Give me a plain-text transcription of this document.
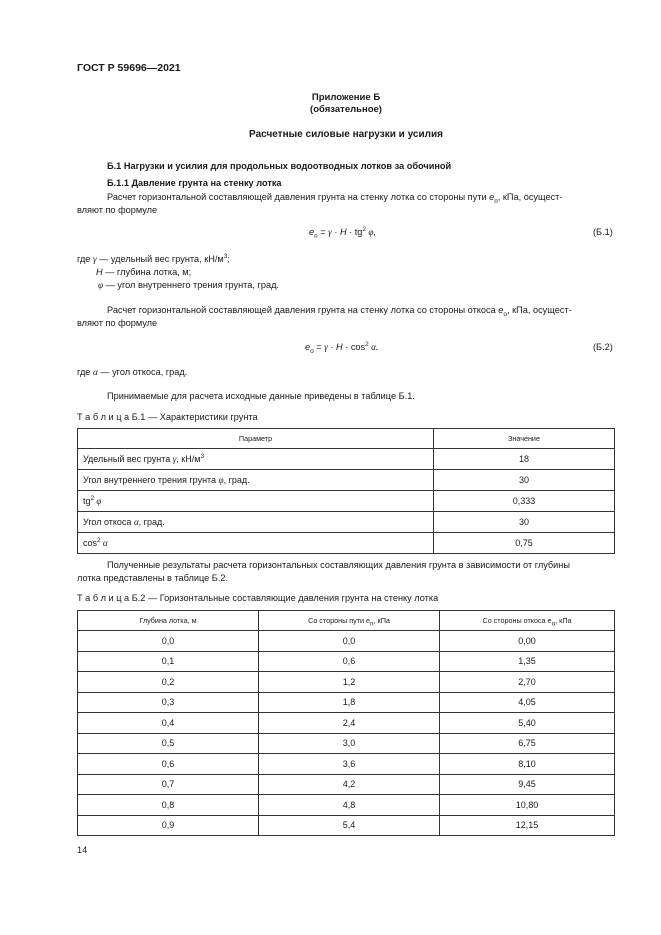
ГОСТ Р 59696—2021
Приложение Б
(обязательное)
Расчетные силовые нагрузки и усилия
Б.1 Нагрузки и усилия для продольных водоотводных лотков за обочиной
Б.1.1 Давление грунта на стенку лотка
Расчет горизонтальной составляющей давления грунта на стенку лотка со стороны пути $e_п$, кПа, осущест-
вляют по формуле
$e_п = \gamma \cdot H \cdot tg^2$ φ,	(Б.1)
где γ — удельный вес грунта, $кН/м^3$;
H — глубина лотка, м;
φ — угол внутреннего трения грунта, град.
Расчет горизонтальной составляющей давления грунта на стенку лотка со стороны откоса $e_о$, кПа, осущест-
вляют по формуле
$e_о = \gamma \cdot H \cdot \cos^2 \alpha$.	(Б.2)
где α — угол откоса, град.
Принимаемые для расчета исходные данные приведены в таблице Б.1.
Т а б л и ц а Б.1 — Характеристики грунта
Параметр	Значение
Удельный вес грунта γ, $кН/м^3$	18
Угол внутреннего трения грунта φ, град.	30
$tg^2$ φ	0,333
Угол откоса α, град.	30
$\cos^2 \alpha$	0,75
Полученные результаты расчета горизонтальных составляющих давления грунта в зависимости от глубины
лотка представлены в таблице Б.2.
Т а б л и ц а Б.2 — Горизонтальные составляющие давления грунта на стенку лотка
Глубина лотка, м	Со стороны пути $e_п$, кПа	Со стороны откоса $e_о$, кПа
0,0	0,0	0,00
0,1	0,6	1,35
0,2	1,2	2,70
0,3	1,8	4,05
0,4	2,4	5,40
0,5	3,0	6,75
0,6	3,6	8,10
0,7	4,2	9,45
0,8	4,8	10,80
0,9	5,4	12,15
14
